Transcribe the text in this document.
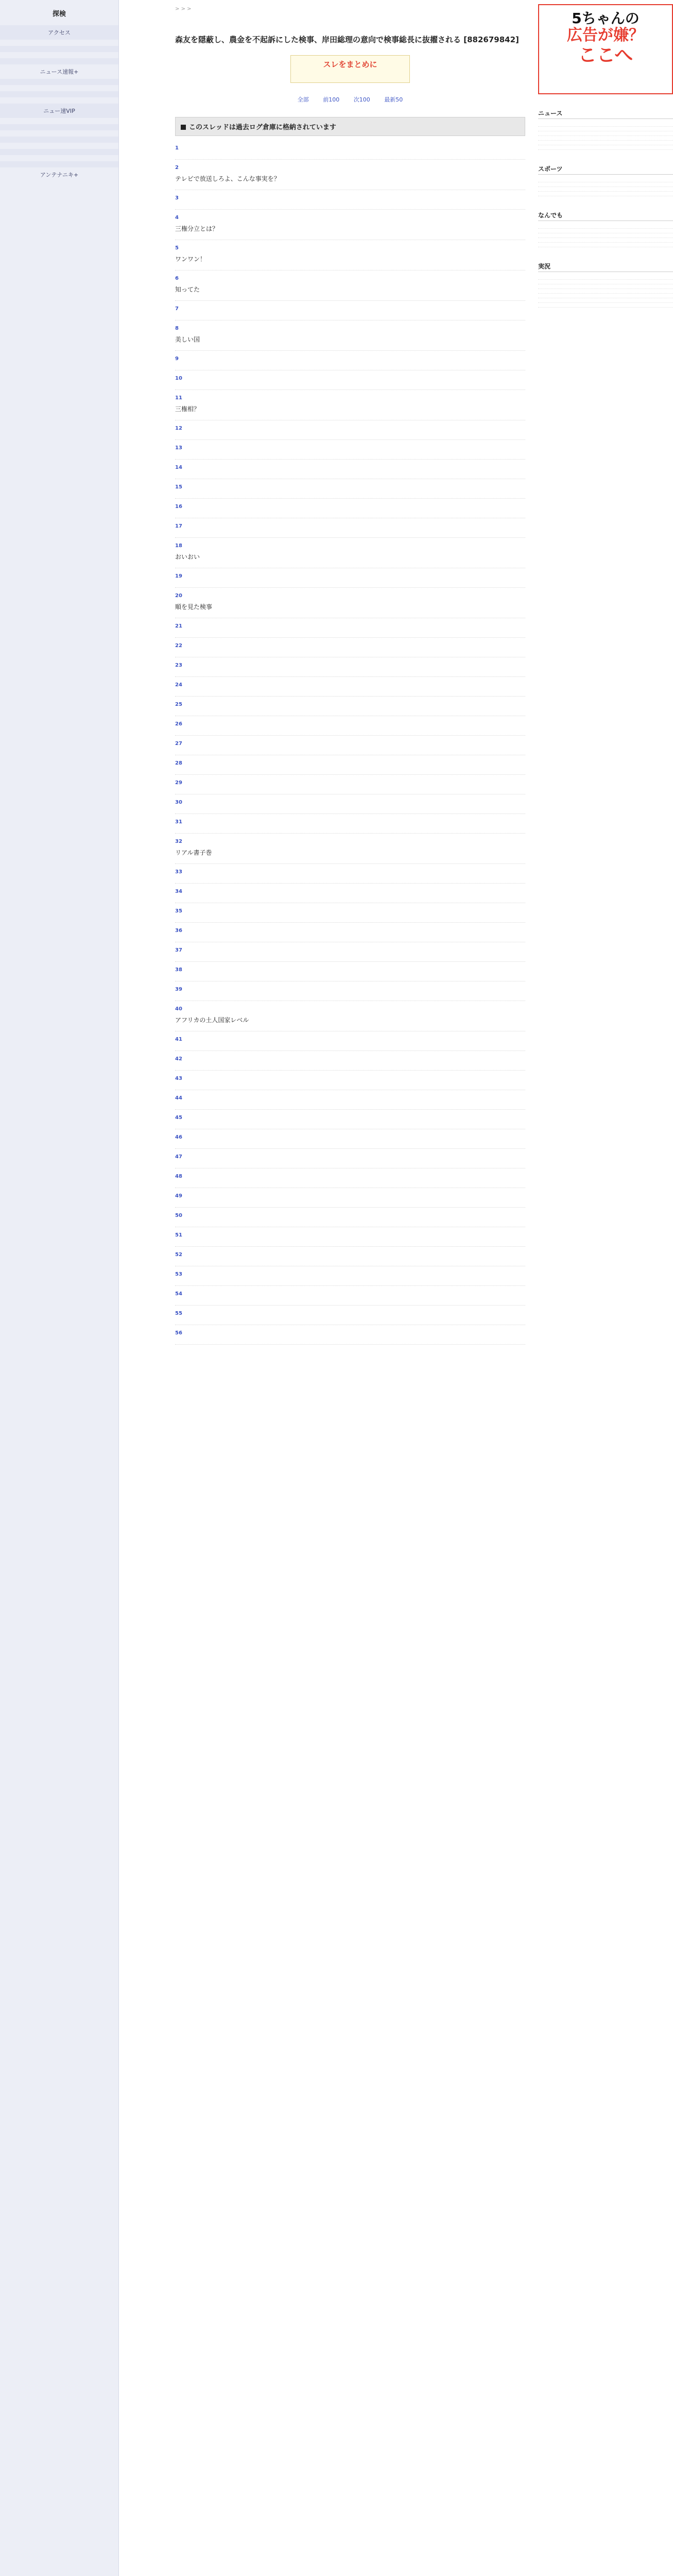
探検
アクセス
ニュース速報+
ニュー速VIP
アンテナニキ+
> > >

森友を隠蔽し、農金を不起訴にした検事、岸田総理の意向で検事総長に抜擢される [882679842]
スレをまとめに
全部	前100	次100	最新50
このスレッドは過去ログ倉庫に格納されています
1
2
テレビで放送しろよ、こんな事実を？
3
4
三権分立とは？
5
ワンワン！
6
知ってた
7
8
美しい国
9
10
11
三権相？
12
13
14
15
16
17
18
おいおい
19
20
順を見た検事
21
22
23
24
25
26
27
28
29
30
31
32
リアル書子巻
33
34
35
36
37
38
39
40
アフリカの土人国家レベル
41
42
43
44
45
46
47
48
49
50
51
52
53
54
55
56
5ちゃんの
広告が嫌？
ここへ
ニュース
スポーツ
なんでも
実況
